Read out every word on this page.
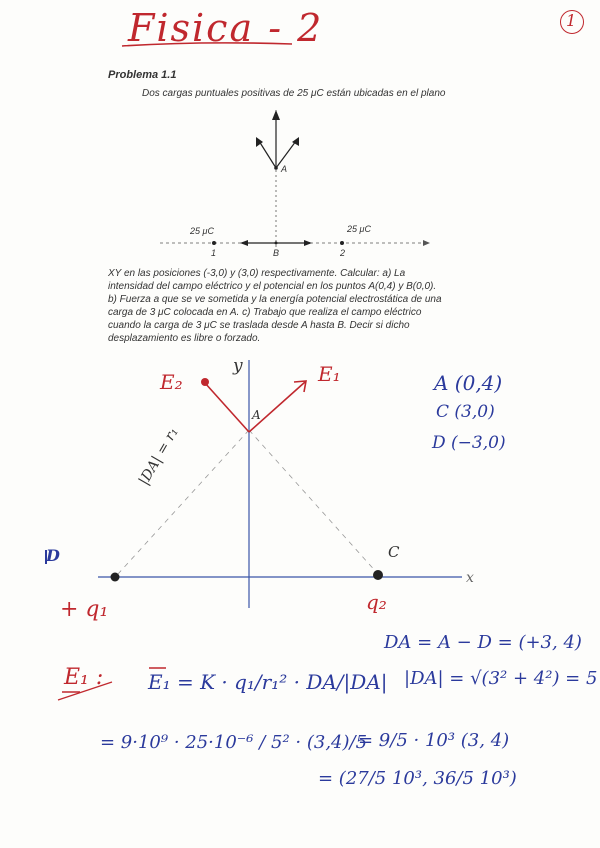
Fisica - 2	1
Problema 1.1
Dos cargas puntuales positivas de 25 μC están ubicadas en el plano
A
25 μC	25 μC
1	B	2
XY en las posiciones (-3,0) y (3,0) respectivamente. Calcular: a) La
intensidad del campo eléctrico y el potencial en los puntos A(0,4) y B(0,0).
b) Fuerza a que se ve sometida y la energía potencial electrostática de una
carga de 3 μC colocada en A. c) Trabajo que realiza el campo eléctrico
cuando la carga de 3 μC se traslada desde A hasta B. Decir si dicho
desplazamiento es libre o forzado.
E₂	E₁
y
A
|DA| = r₁
D	C
x
+ q₁	q₂
A (0,4)
C (3,0)
D (−3,0)
E₁ : E₁ = K · q₁/r₁² · DA/|DA|
DA = A − D = (+3, 4)
|DA| = √(3² + 4²) = 5
= 9·10⁹ · 25·10⁻⁶ / 5² · (3,4)/5
= 9/5 · 10³ (3, 4)
= (27/5 10³, 36/5 10³)
